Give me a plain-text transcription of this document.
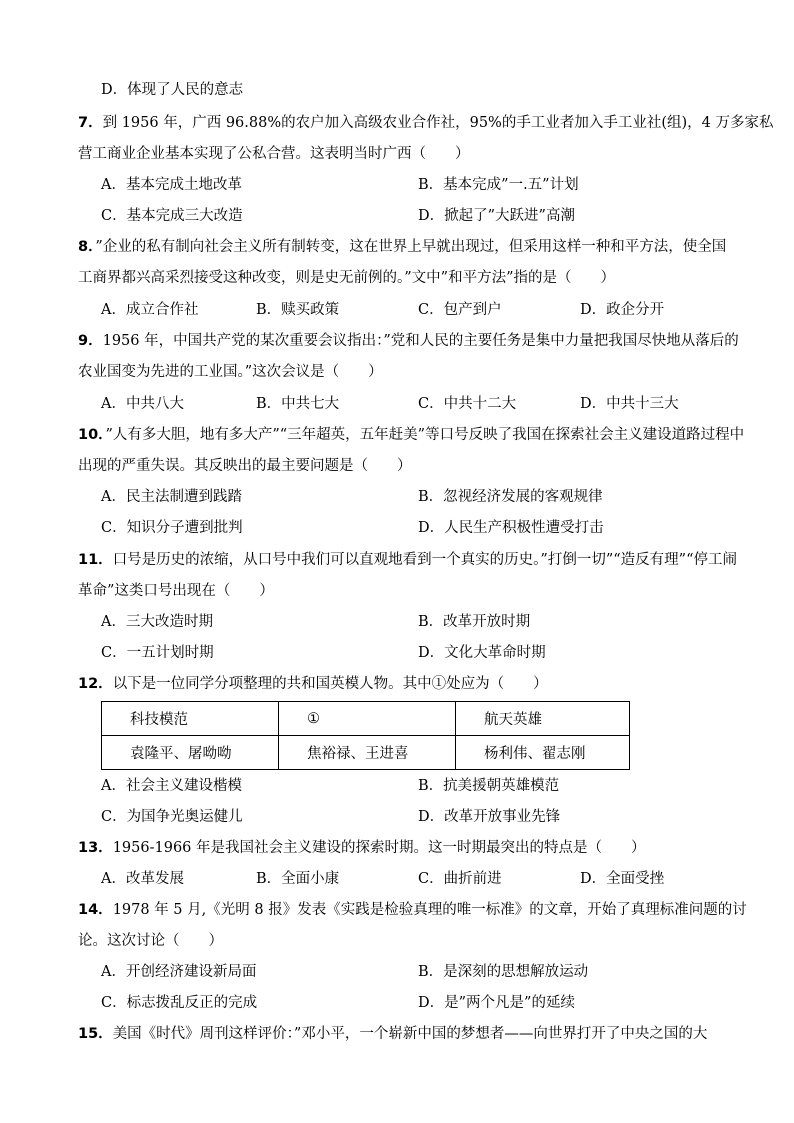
D．体现了人民的意志
7．到 1956 年，广西 96.88%的农户加入高级农业合作社，95%的手工业者加入手工业社(组)，4 万多家私
营工商业企业基本实现了公私合营。这表明当时广西（　　）
A．基本完成土地改革	B．基本完成”一.五”计划
C．基本完成三大改造	D．掀起了”大跃进”高潮
8．”企业的私有制向社会主义所有制转变，这在世界上早就出现过，但采用这样一种和平方法，使全国
工商界都兴高采烈接受这种改变，则是史无前例的。”文中”和平方法”指的是（　　）
A．成立合作社	B．赎买政策	C．包产到户	D．政企分开
9．1956 年，中国共产党的某次重要会议指出：”党和人民的主要任务是集中力量把我国尽快地从落后的
农业国变为先进的工业国。”这次会议是（　　）
A．中共八大	B．中共七大	C．中共十二大	D．中共十三大
10．”人有多大胆，地有多大产”“三年超英，五年赶美”等口号反映了我国在探索社会主义建设道路过程中
出现的严重失误。其反映出的最主要问题是（　　）
A．民主法制遭到践踏	B．忽视经济发展的客观规律
C．知识分子遭到批判	D．人民生产积极性遭受打击
11．口号是历史的浓缩，从口号中我们可以直观地看到一个真实的历史。”打倒一切”“造反有理”“停工闹
革命”这类口号出现在（　　）
A．三大改造时期	B．改革开放时期
C．一五计划时期	D．文化大革命时期
12．以下是一位同学分项整理的共和国英模人物。其中①处应为（　　）
科技模范	①	航天英雄
袁隆平、屠呦呦	焦裕禄、王进喜	杨利伟、翟志刚
A．社会主义建设楷模	B．抗美援朝英雄模范
C．为国争光奥运健儿	D．改革开放事业先锋
13．1956-1966 年是我国社会主义建设的探索时期。这一时期最突出的特点是（　　）
A．改革发展	B．全面小康	C．曲折前进	D．全面受挫
14．1978 年 5 月,《光明 8 报》发表《实践是检验真理的唯一标准》的文章，开始了真理标准问题的讨
论。这次讨论（　　）
A．开创经济建设新局面	B．是深刻的思想解放运动
C．标志拨乱反正的完成	D．是”两个凡是”的延续
15．美国《时代》周刊这样评价：”邓小平，一个崭新中国的梦想者——向世界打开了中央之国的大
